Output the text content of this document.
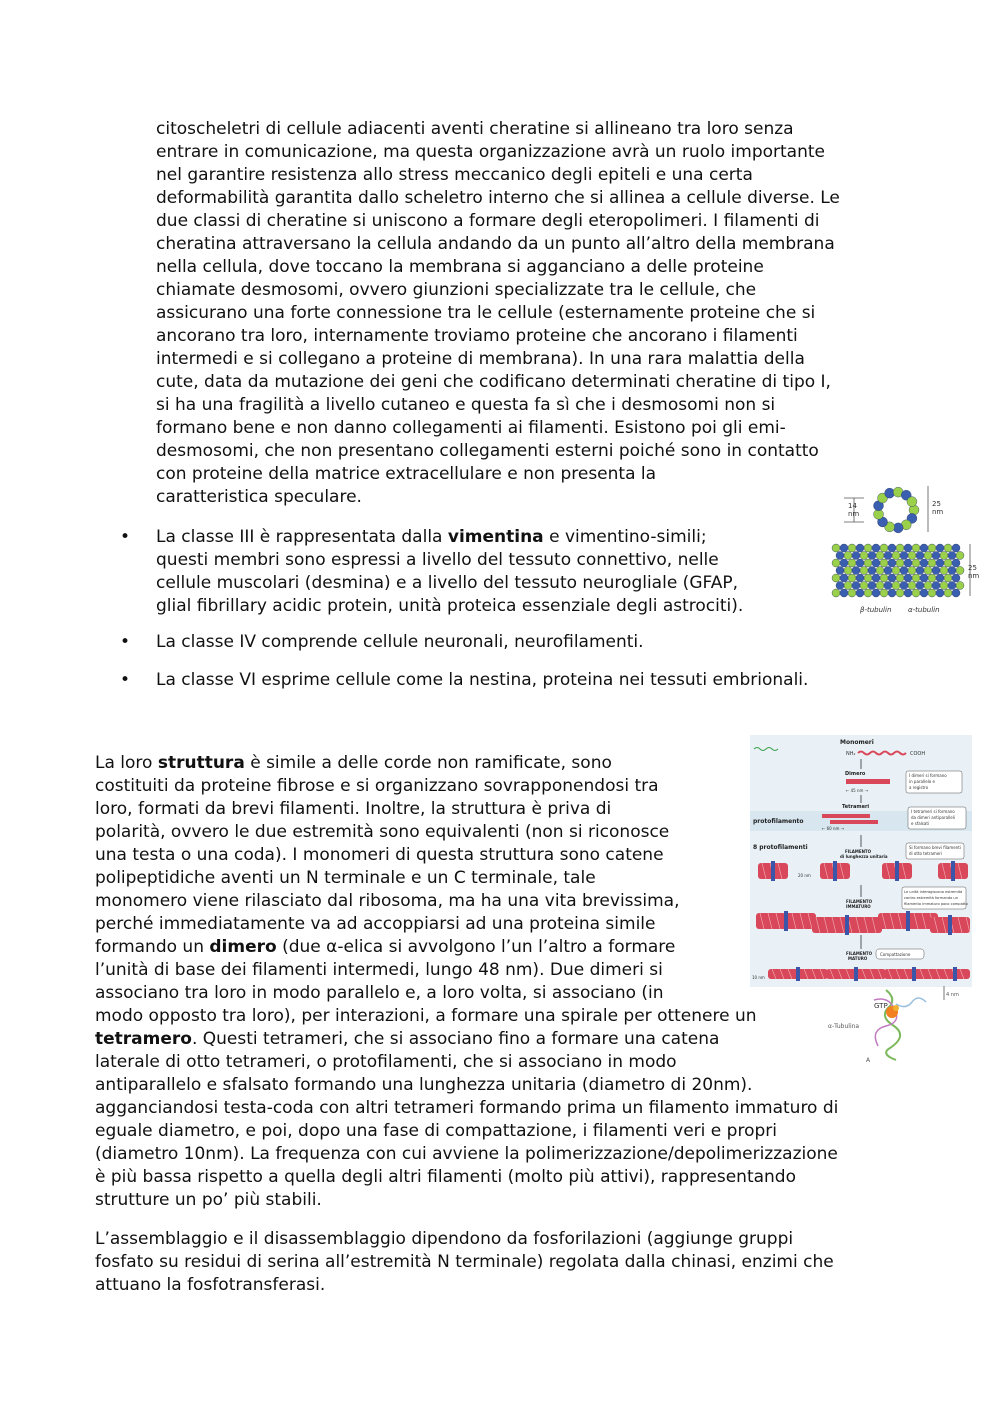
citoscheletri di cellule adiacenti aventi cheratine si allineano tra loro senza
entrare in comunicazione, ma questa organizzazione avrà un ruolo importante
nel garantire resistenza allo stress meccanico degli epiteli e una certa
deformabilità garantita dallo scheletro interno che si allinea a cellule diverse. Le
due classi di cheratine si uniscono a formare degli eteropolimeri. I filamenti di
cheratina attraversano la cellula andando da un punto all’altro della membrana
nella cellula, dove toccano la membrana si agganciano a delle proteine
chiamate desmosomi, ovvero giunzioni specializzate tra le cellule, che
assicurano una forte connessione tra le cellule (esternamente proteine che si
ancorano tra loro, internamente troviamo proteine che ancorano i filamenti
intermedi e si collegano a proteine di membrana). In una rara malattia della
cute, data da mutazione dei geni che codificano determinati cheratine di tipo I,
si ha una fragilità a livello cutaneo e questa fa sì che i desmosomi non si
formano bene e non danno collegamenti ai filamenti. Esistono poi gli emi-
desmosomi, che non presentano collegamenti esterni poiché sono in contatto
con proteine della matrice extracellulare e non presenta la
caratteristica speculare.
•	La classe III è rappresentata dalla vimentina e vimentino-simili;
questi membri sono espressi a livello del tessuto connettivo, nelle
cellule muscolari (desmina) e a livello del tessuto neurogliale (GFAP,
glial fibrillary acidic protein, unità proteica essenziale degli astrociti).
•	La classe IV comprende cellule neuronali, neurofilamenti.
•	La classe VI esprime cellule come la nestina, proteina nei tessuti embrionali.
La loro struttura è simile a delle corde non ramificate, sono
costituiti da proteine fibrose e si organizzano sovrapponendosi tra
loro, formati da brevi filamenti. Inoltre, la struttura è priva di
polarità, ovvero le due estremità sono equivalenti (non si riconosce
una testa o una coda). I monomeri di questa struttura sono catene
polipeptidiche aventi un N terminale e un C terminale, tale
monomero viene rilasciato dal ribosoma, ma ha una vita brevissima,
perché immediatamente va ad accoppiarsi ad una proteina simile
formando un dimero (due α-elica si avvolgono l’un l’altro a formare
l’unità di base dei filamenti intermedi, lungo 48 nm). Due dimeri si
associano tra loro in modo parallelo e, a loro volta, si associano (in
modo opposto tra loro), per interazioni, a formare una spirale per ottenere un
tetramero. Questi tetrameri, che si associano fino a formare una catena
laterale di otto tetrameri, o protofilamenti, che si associano in modo
antiparallelo e sfalsato formando una lunghezza unitaria (diametro di 20nm).
agganciandosi testa-coda con altri tetrameri formando prima un filamento immaturo di
eguale diametro, e poi, dopo una fase di compattazione, i filamenti veri e propri
(diametro 10nm). La frequenza con cui avviene la polimerizzazione/depolimerizzazione
è più bassa rispetto a quella degli altri filamenti (molto più attivi), rappresentando
strutture un po’ più stabili.
L’assemblaggio e il disassemblaggio dipendono da fosforilazioni (aggiunge gruppi
fosfato su residui di serina all’estremità N terminale) regolata dalla chinasi, enzimi che
attuano la fosfotransferasi.
14
nm
25
nm
25
nm
β-tubulin α-tubulin
Monomeri
NH₂	COOH
Dimero
← 45 nm →
I dimeri si formano
in parallelo e
a registro
Tetrameri
protofilamento
← 60 nm →
I tetrameri si formano
da dimeri antiparalleli
e sfalsati
8 protofilamenti
FILAMENTO
di lunghezza unitaria
Si formano brevi filamenti
di otto tetrameri
20 nm
FILAMENTO
IMMATURO
Le unità interagiscono estremità
contro estremità formando un
filamento immaturo poco compatto
FILAMENTO
MATURO
Compattazione
10 nm
GTP
α-Tubulina
A
4 nm
